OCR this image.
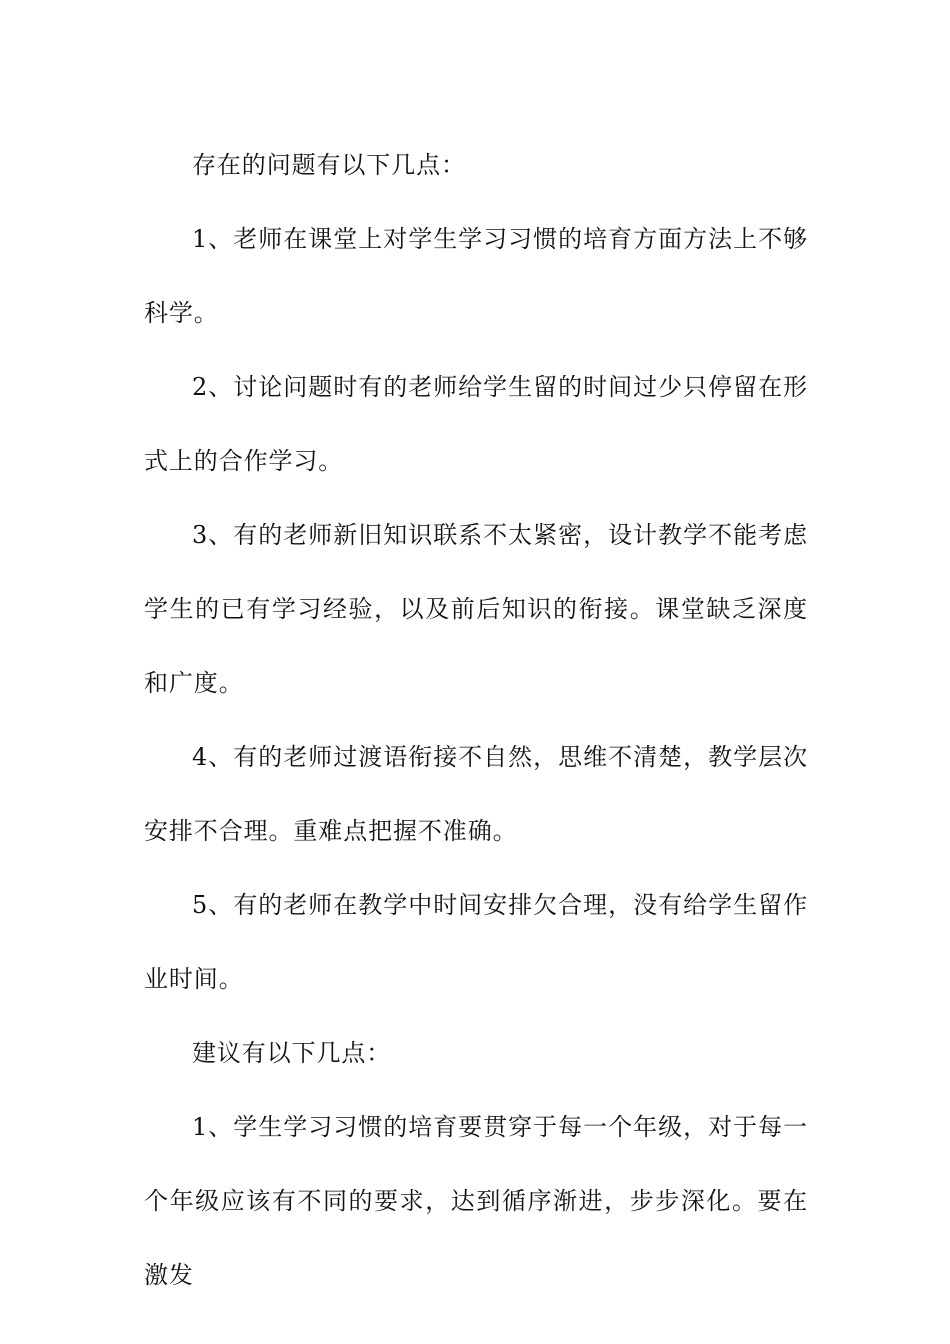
存在的问题有以下几点：

1、老师在课堂上对学生学习习惯的培育方面方法上不够科学。

2、讨论问题时有的老师给学生留的时间过少只停留在形式上的合作学习。

3、有的老师新旧知识联系不太紧密，设计教学不能考虑学生的已有学习经验，以及前后知识的衔接。课堂缺乏深度和广度。

4、有的老师过渡语衔接不自然，思维不清楚，教学层次安排不合理。重难点把握不准确。

5、有的老师在教学中时间安排欠合理，没有给学生留作业时间。

建议有以下几点：

1、学生学习习惯的培育要贯穿于每一个年级，对于每一个年级应该有不同的要求，达到循序渐进，步步深化。要在激发
